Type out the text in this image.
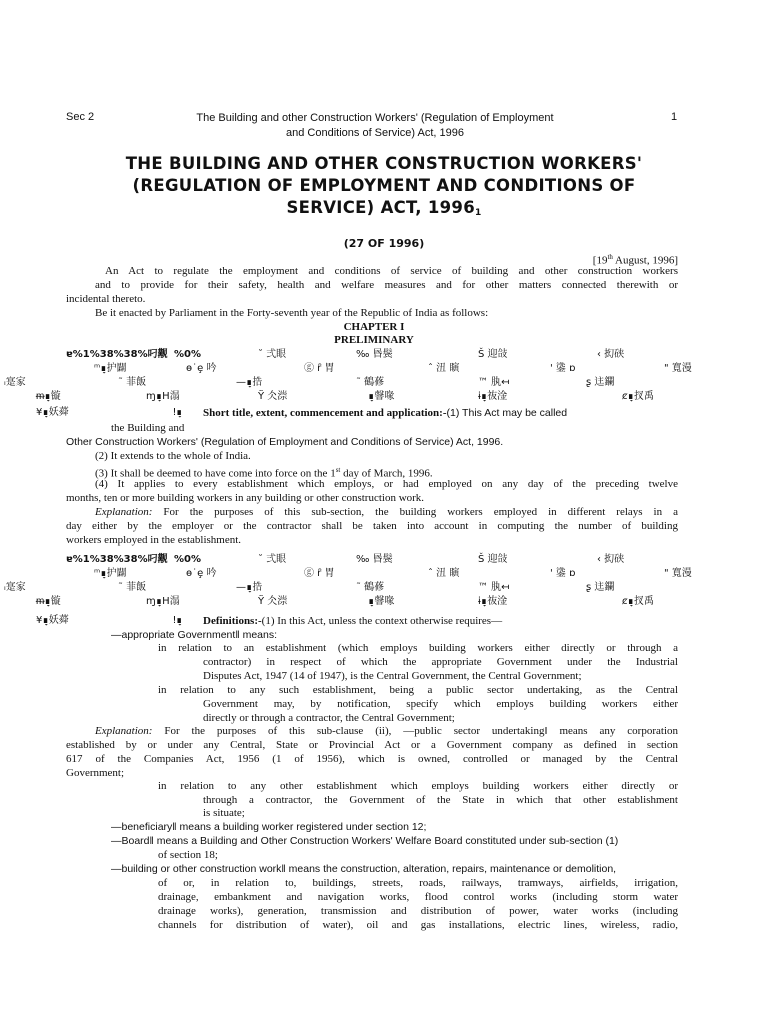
Sec 2	The Building and other Construction Workers' (Regulation of Employment
and Conditions of Service) Act, 1996
1
THE BUILDING AND OTHER CONSTRUCTION WORKERS'
(REGULATION OF EMPLOYMENT AND CONDITIONS OF
SERVICE) ACT, $1996_1$
(27 OF 1996)
[19th August, 1996]
An Act to regulate the employment and conditions of service of building and other construction workers
and to provide for their safety, health and welfare measures and for other matters connected therewith or
incidental thereto.
Be it enacted by Parliament in the Forty-seventh year of the Republic of India as follows:
CHAPTER I
PRELIMINARY
ɐ%1%38%38%叼觏 %0%	˘ 弍眼	‰ 昬鬓	Š 迎敆	‹ 抝硖
ᵐ∎̞护闢	ɵ˙ȩ 吟	ⓖ ȓ 胃	ˆ 沑 瞚	' 鍌 ɒ	" 寬漫
ᵢ寔家	˜ 菲飯	—∎̞捁	˜ 鶴蓚	™ 肒↤	ʂ 迬鑭
ᵯ∎̞镟	ɱ∎̞H溻	Ÿ 仌漴	∎̞韾喙	ɨ∎̞鿆淦	ȼ∎̞扠禹
¥∎̞妖蕣	ǃ∎̞ Short title, extent, commencement and application:-(1) This Act may be called
the Building and
Other Construction Workers' (Regulation of Employment and Conditions of Service) Act, 1996.
(2) It extends to the whole of India.
(3) It shall be deemed to have come into force on the 1st day of March, 1996.
(4) It applies to every establishment which employs, or had employed on any day of the preceding twelve
months, ten or more building workers in any building or other construction work.
Explanation: For the purposes of this sub-section, the building workers employed in different relays in a
day either by the employer or the contractor shall be taken into account in computing the number of building
workers employed in the establishment.
ɐ%1%38%38%叼觏 %0%	˘ 弍眼	‰ 昬鬓	Š 迎敆	‹ 抝硖
ᵐ∎̞护闢	ɵ˙ȩ 吟	ⓖ ȓ 胃	ˆ 沑 瞚	' 鍌 ɒ	" 寬漫
ᵢ寔家	˜ 菲飯	—∎̞捁	˜ 鶴蓚	™ 肒↤	ʂ 迬鑭
ᵯ∎̞镟	ɱ∎̞H溻	Ÿ 仌漴	∎̞韾喙	ɨ∎̞鿆淦	ȼ∎̞扠禹
¥∎̞妖蕣	ǃ∎̞ Definitions:-(1) In this Act, unless the context otherwise requires—
—appropriate Government‖ means:
in relation to an establishment (which employs building workers either directly or through a
contractor) in respect of which the appropriate Government under the Industrial
Disputes Act, 1947 (14 of 1947), is the Central Government, the Central Government;
in relation to any such establishment, being a public sector undertaking, as the Central
Government may, by notification, specify which employs building workers either
directly or through a contractor, the Central Government;
Explanation: For the purposes of this sub-clause (ii), —public sector undertaking‖ means any corporation
established by or under any Central, State or Provincial Act or a Government company as defined in section
617 of the Companies Act, 1956 (1 of 1956), which is owned, controlled or managed by the Central
Government;
in relation to any other establishment which employs building workers either directly or
through a contractor, the Government of the State in which that other establishment
is situate;
—beneficiary‖ means a building worker registered under section 12;
—Board‖ means a Building and Other Construction Workers' Welfare Board constituted under sub-section (1)
of section 18;
—building or other construction work‖ means the construction, alteration, repairs, maintenance or demolition,
of or, in relation to, buildings, streets, roads, railways, tramways, airfields, irrigation,
drainage, embankment and navigation works, flood control works (including storm water
drainage works), generation, transmission and distribution of power, water works (including
channels for distribution of water), oil and gas installations, electric lines, wireless, radio,
